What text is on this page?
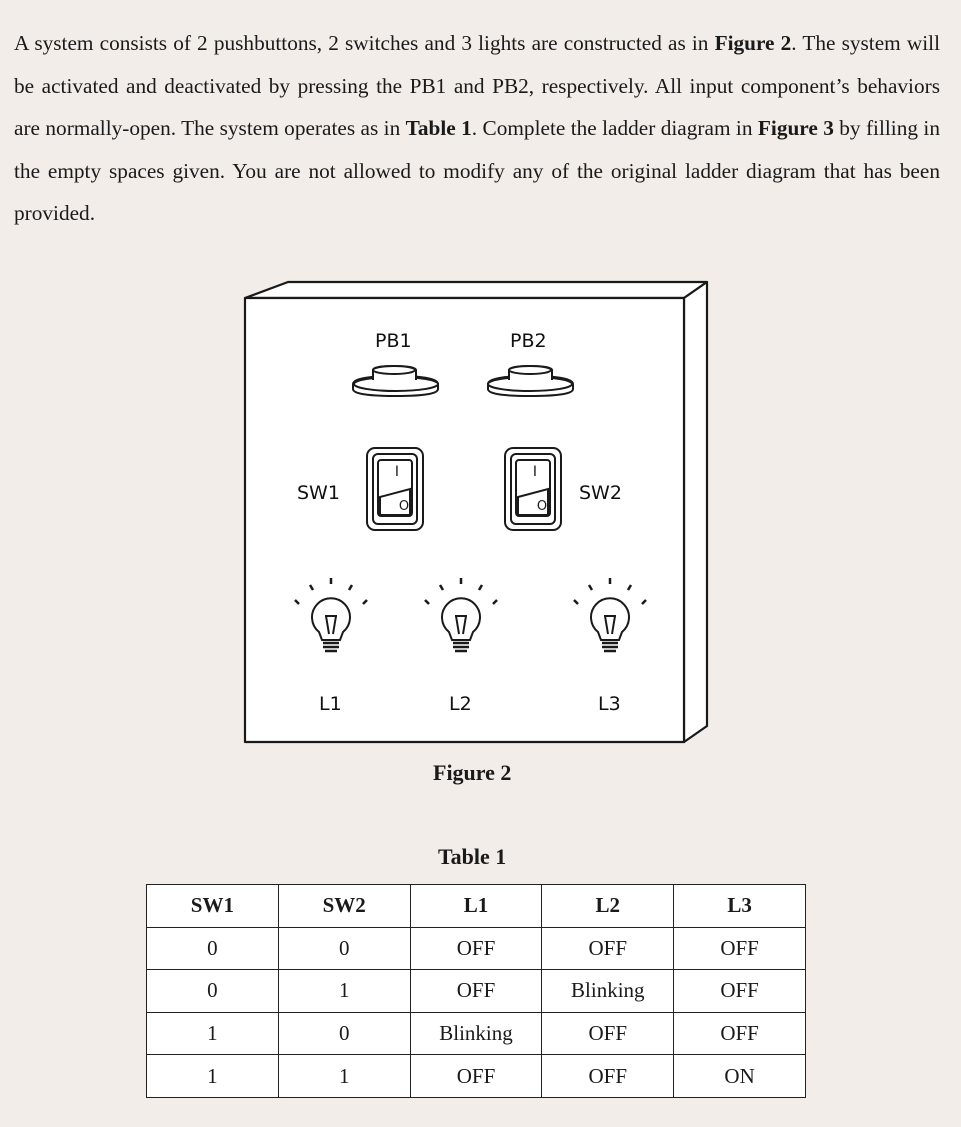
A system consists of 2 pushbuttons, 2 switches and 3 lights are constructed as in Figure 2. The system will be activated and deactivated by pressing the PB1 and PB2, respectively. All input component’s behaviors are normally-open. The system operates as in Table 1. Complete the ladder diagram in Figure 3 by filling in the empty spaces given. You are not allowed to modify any of the original ladder diagram that has been provided.

I
O
I
O
PB1	PB2
SW1	SW2
L1	L2	L3
Figure 2
Table 1
SW1	SW2	L1	L2	L3
0	0	OFF	OFF	OFF
0	1	OFF	Blinking	OFF
1	0	Blinking	OFF	OFF
1	1	OFF	OFF	ON
